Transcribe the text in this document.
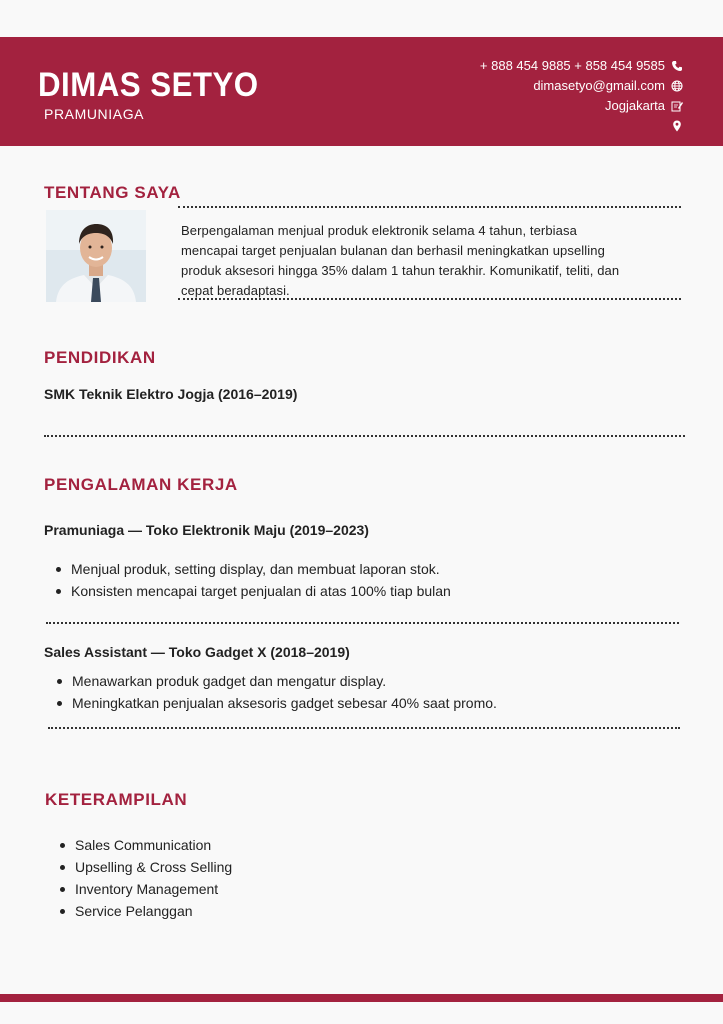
DIMAS SETYO
PRAMUNIAGA
+ 888 454 9885 + 858 454 9585
dimasetyo@gmail.com
Jogjakarta
TENTANG SAYA
Berpengalaman menjual produk elektronik selama 4 tahun, terbiasa mencapai target penjualan bulanan dan berhasil meningkatkan upselling produk aksesori hingga 35% dalam 1 tahun terakhir. Komunikatif, teliti, dan cepat beradaptasi.
PENDIDIKAN

SMK Teknik Elektro Jogja (2016–2019)

PENGALAMAN KERJA

Pramuniaga — Toko Elektronik Maju (2019–2023)

Menjual produk, setting display, dan membuat laporan stok.
Konsisten mencapai target penjualan di atas 100% tiap bulan

Sales Assistant — Toko Gadget X (2018–2019)

Menawarkan produk gadget dan mengatur display.
Meningkatkan penjualan aksesoris gadget sebesar 40% saat promo.
KETERAMPILAN
Sales Communication
Upselling & Cross Selling
Inventory Management
Service Pelanggan
